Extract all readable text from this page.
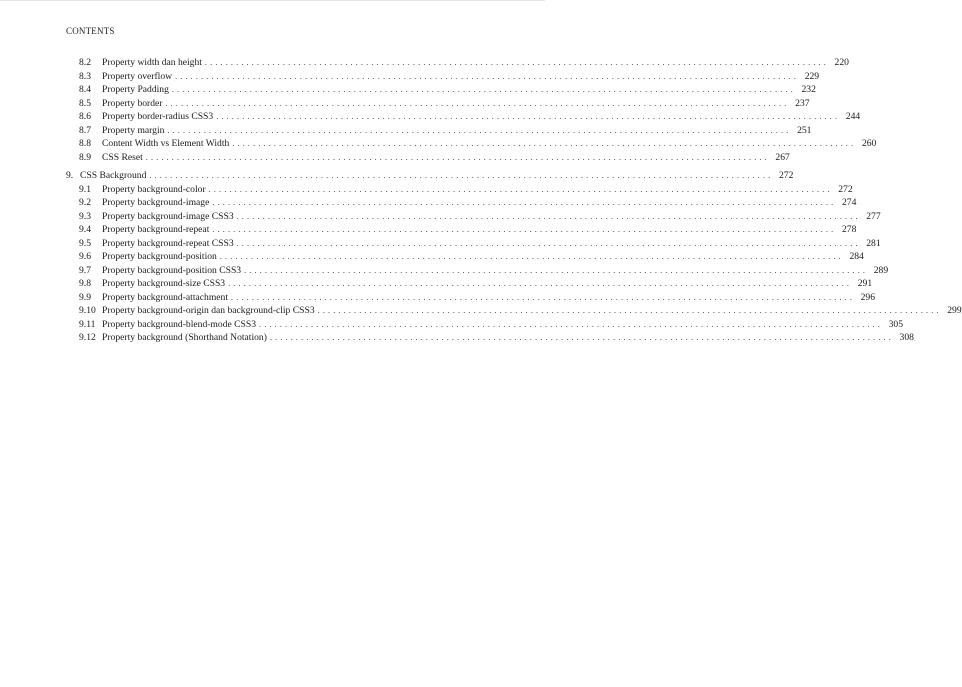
CONTENTS
8.2	Property width dan height ........................................................................................................................ 220
8.3	Property overflow ........................................................................................................................ 229
8.4	Property Padding ........................................................................................................................ 232
8.5	Property border ........................................................................................................................ 237
8.6	Property border-radius CSS3 ........................................................................................................................ 244
8.7	Property margin ........................................................................................................................ 251
8.8	Content Width vs Element Width ........................................................................................................................ 260
8.9	CSS Reset ........................................................................................................................ 267
9. CSS Background ........................................................................................................................ 272
9.1	Property background-color ........................................................................................................................ 272
9.2	Property background-image ........................................................................................................................ 274
9.3	Property background-image CSS3 ........................................................................................................................ 277
9.4	Property background-repeat ........................................................................................................................ 278
9.5	Property background-repeat CSS3 ........................................................................................................................ 281
9.6	Property background-position ........................................................................................................................ 284
9.7	Property background-position CSS3 ........................................................................................................................ 289
9.8	Property background-size CSS3 ........................................................................................................................ 291
9.9	Property background-attachment ........................................................................................................................ 296
9.10 Property background-origin dan background-clip CSS3 ........................................................................................................................ 299
9.11 Property background-blend-mode CSS3 ........................................................................................................................ 305
9.12 Property background (Shorthand Notation) ........................................................................................................................ 308
